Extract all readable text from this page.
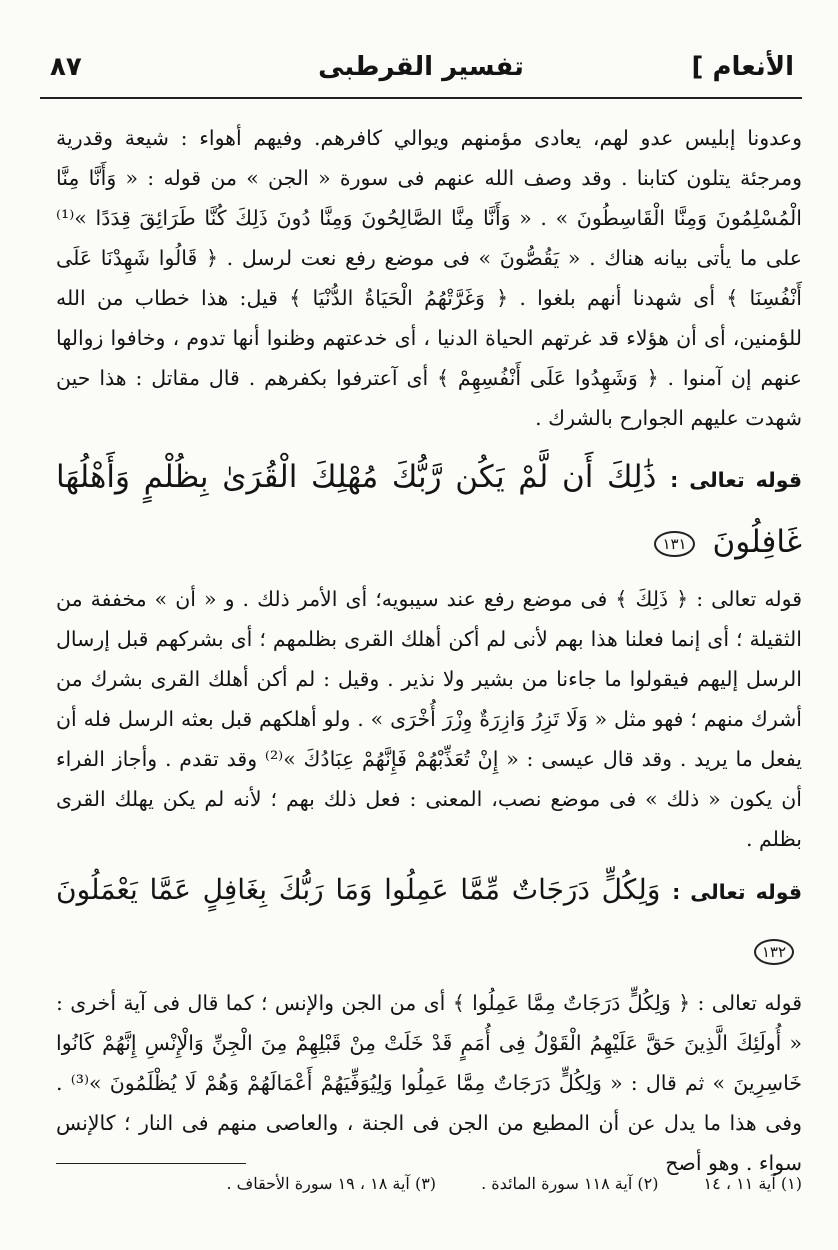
الأنعام ]
تفسير القرطبى
٨٧

وعدونا إبليس عدو لهم، يعادى مؤمنهم ويوالي كافرهم. وفيهم أهواء : شيعة وقدرية ومرجئة يتلون كتابنا . وقد وصف الله عنهم فى سورة « الجن » من قوله : « وَأَنَّا مِنَّا الْمُسْلِمُونَ وَمِنَّا الْقَاسِطُونَ » . « وَأَنَّا مِنَّا الصَّالِحُونَ وَمِنَّا دُونَ ذَلِكَ كُنَّا طَرَائِقَ قِدَدًا »⁽¹⁾ على ما يأتى بيانه هناك . « يَقُصُّونَ » فى موضع رفع نعت لرسل . ﴿ قَالُوا شَهِدْنَا عَلَى أَنْفُسِنَا ﴾ أى شهدنا أنهم بلغوا . ﴿ وَغَرَّتْهُمُ الْحَيَاةُ الدُّنْيَا ﴾ قيل: هذا خطاب من الله للؤمنين، أى أن هؤلاء قد غرتهم الحياة الدنيا ، أى خدعتهم وظنوا أنها تدوم ، وخافوا زوالها عنهم إن آمنوا . ﴿ وَشَهِدُوا عَلَى أَنْفُسِهِمْ ﴾ أى آعترفوا بكفرهم . قال مقاتل : هذا حين شهدت عليهم الجوارح بالشرك .

قوله تعالى : ذَٰلِكَ أَن لَّمْ يَكُن رَّبُّكَ مُهْلِكَ الْقُرَىٰ بِظُلْمٍ وَأَهْلُهَا غَافِلُونَ ١٣١

قوله تعالى : ﴿ ذَلِكَ ﴾ فى موضع رفع عند سيبويه؛ أى الأمر ذلك . و « أن » مخففة من الثقيلة ؛ أى إنما فعلنا هذا بهم لأنى لم أكن أهلك القرى بظلمهم ؛ أى بشركهم قبل إرسال الرسل إليهم فيقولوا ما جاءنا من بشير ولا نذير . وقيل : لم أكن أهلك القرى بشرك من أشرك منهم ؛ فهو مثل « وَلَا تَزِرُ وَازِرَةٌ وِزْرَ أُخْرَى » . ولو أهلكهم قبل بعثه الرسل فله أن يفعل ما يريد . وقد قال عيسى : « إِنْ تُعَذِّبْهُمْ فَإِنَّهُمْ عِبَادُكَ »⁽²⁾ وقد تقدم . وأجاز الفراء أن يكون « ذلك » فى موضع نصب، المعنى : فعل ذلك بهم ؛ لأنه لم يكن يهلك القرى بظلم .

قوله تعالى : وَلِكُلٍّ دَرَجَاتٌ مِّمَّا عَمِلُوا وَمَا رَبُّكَ بِغَافِلٍ عَمَّا يَعْمَلُونَ ١٣٢

قوله تعالى : ﴿ وَلِكُلٍّ دَرَجَاتٌ مِمَّا عَمِلُوا ﴾ أى من الجن والإنس ؛ كما قال فى آية أخرى : « أُولَئِكَ الَّذِينَ حَقَّ عَلَيْهِمُ الْقَوْلُ فِى أُمَمٍ قَدْ خَلَتْ مِنْ قَبْلِهِمْ مِنَ الْجِنِّ وَالْإِنْسِ إِنَّهُمْ كَانُوا خَاسِرِينَ » ثم قال : « وَلِكُلٍّ دَرَجَاتٌ مِمَّا عَمِلُوا وَلِيُوَفِّيَهُمْ أَعْمَالَهُمْ وَهُمْ لَا يُظْلَمُونَ »⁽³⁾ . وفى هذا ما يدل عن أن المطيع من الجن فى الجنة ، والعاصى منهم فى النار ؛ كالإنس سواء . وهو أصح

(١) آية ١١ ، ١٤ (٢) آية ١١٨ سورة المائدة . (٣) آية ١٨ ، ١٩ سورة الأحقاف .
